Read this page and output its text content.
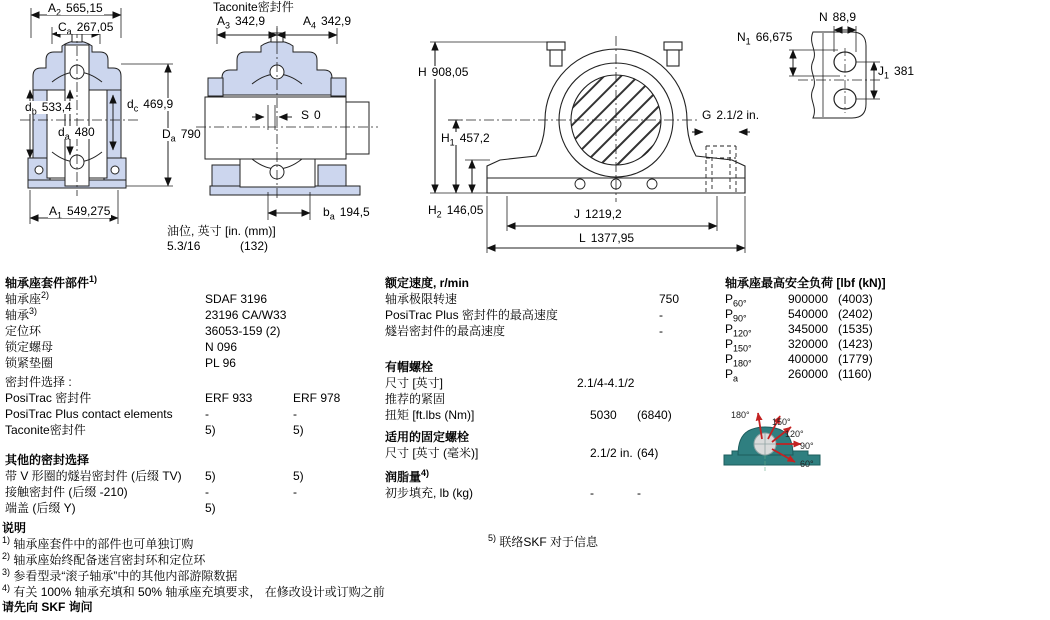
$A_2$ 565,15
$C_a$ 267,05
$d_b$ 533,4	$d_c$ 469,9
$d_a$ 480	$D_a$ 790
$A_1$ 549,275
Taconite密封件
$A_3$ 342,9	$A_4$ 342,9
S 0
$b_a$ 194,5
油位, 英寸 [in. (mm)]
5.3/16	(132)
H 908,05
$H_1$ 457,2
$H_2$ 146,05	J 1219,2
L 1377,95
G 2.1/2 in.
$N_1$ 66,675
N 88,9
$J_1$ 381
轴承座套件部件$^{1)}$
轴承座$^{2)}$	SDAF 3196
轴承$^{3)}$	23196 CA/W33
定位环	36053-159 (2)
锁定螺母	N 096
锁紧垫圈	PL 96
密封件选择 :
PosiTrac 密封件	ERF 933	ERF 978
PosiTrac Plus contact elements	-	-
Taconite密封件	5)	5)
其他的密封选择
带 V 形圈的燧岩密封件 (后缀 TV) 5)	5)
接触密封件 (后缀 -210)	-	-
端盖 (后缀 Y)	5)
额定速度, r/min
轴承极限转速	750
PosiTrac Plus 密封件的最高速度	-
燧岩密封件的最高速度	-
有帽螺栓
尺寸 [英寸]	2.1/4-4.1/2
推荐的紧固
扭矩 [ft.lbs (Nm)]	5030 (6840)
适用的固定螺栓
尺寸 [英寸 (毫米)]	2.1/2 in. (64)
润脂量$^{4)}$
初步填充, lb (kg)	-	-
轴承座最高安全负荷 [lbf (kN)]
$P_{60^\circ}$	900000 (4003)
$P_{90^\circ}$	540000 (2402)
$P_{120^\circ}$	345000 (1535)
$P_{150^\circ}$	320000 (1423)
$P_{180^\circ}$	400000 (1779)
$P_a$	260000 (1160)
180°
150°
120°
90°
60°
说明
$^{1)}$ 轴承座套件中的部件也可单独订购
$^{2)}$ 轴承座始终配备迷宫密封环和定位环
$^{3)}$ 参看型录“滚子轴承”中的其他内部游隙数据
$^{4)}$ 有关 100% 轴承充填和 50% 轴承座充填要求， 在修改设计或订购之前
请先向 SKF 询问
$^{5)}$ 联络SKF 对于信息
